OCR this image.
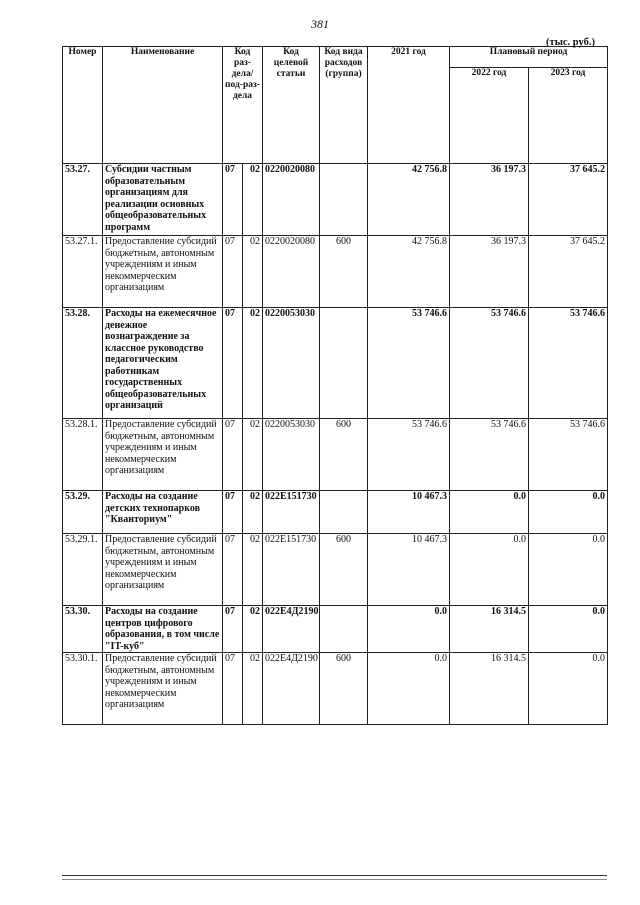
381
(тыс. руб.)
Номер	Наименование	Код раз-дела/ под-раз-дела		Код целевой статьи	Код вида расходов (группа)	2021 год	Плановый период	
							2022 год	2023 год
53.27.	Субсидии частным образовательным организациям для реализации основных общеобразовательных программ	07	02	0220020080		42 756.8	36 197.3	37 645.2
53.27.1.	Предоставление субсидий бюджетным, автономным учреждениям и иным некоммерческим организациям	07	02	0220020080	600	42 756.8	36 197.3	37 645.2
53.28.	Расходы на ежемесячное денежное вознаграждение за классное руководство педагогическим работникам государственных общеобразовательных организаций	07	02	0220053030		53 746.6	53 746.6	53 746.6
53.28.1.	Предоставление субсидий бюджетным, автономным учреждениям и иным некоммерческим организациям	07	02	0220053030	600	53 746.6	53 746.6	53 746.6
53.29.	Расходы на создание детских технопарков "Кванториум"	07	02	022E151730		10 467.3	0.0	0.0
53.29.1.	Предоставление субсидий бюджетным, автономным учреждениям и иным некоммерческим организациям	07	02	022E151730	600	10 467.3	0.0	0.0
53.30.	Расходы на создание центров цифрового образования, в том числе "IT-куб"	07	02	022E4Д2190		0.0	16 314.5	0.0
53.30.1.	Предоставление субсидий бюджетным, автономным учреждениям и иным некоммерческим организациям	07	02	022E4Д2190	600	0.0	16 314.5	0.0
